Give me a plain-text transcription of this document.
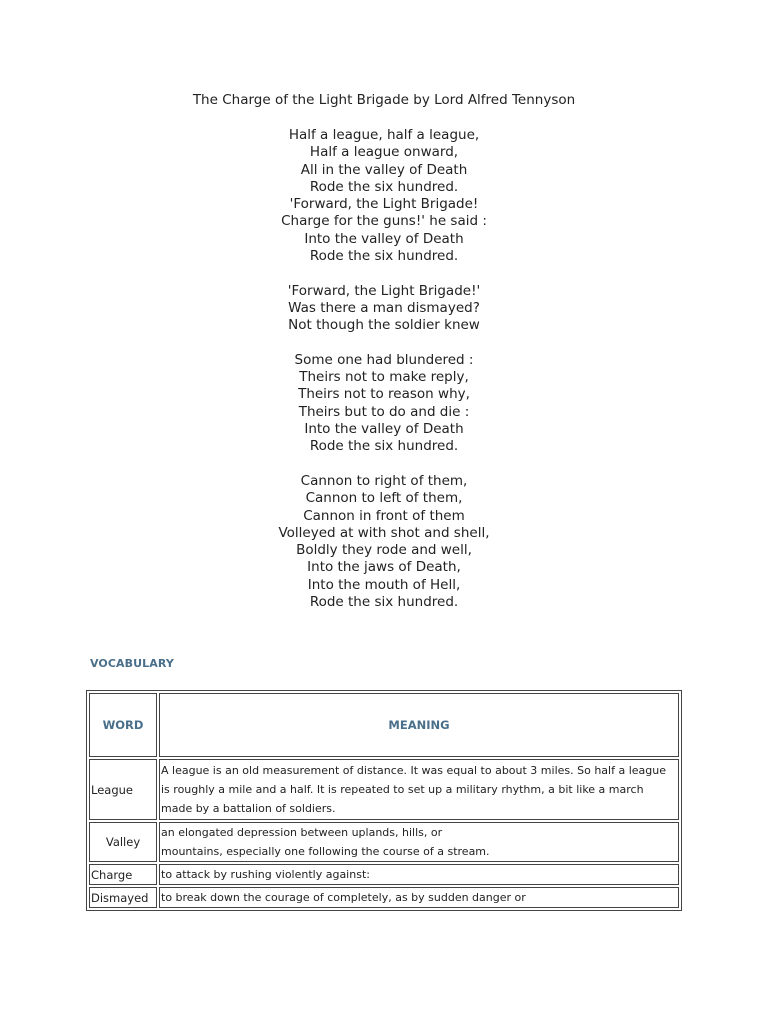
The Charge of the Light Brigade by Lord Alfred Tennyson

Half a league, half a league,
Half a league onward,
All in the valley of Death
Rode the six hundred.
'Forward, the Light Brigade!
Charge for the guns!' he said :
Into the valley of Death
Rode the six hundred.

'Forward, the Light Brigade!'
Was there a man dismayed?
Not though the soldier knew

Some one had blundered :
Theirs not to make reply,
Theirs not to reason why,
Theirs but to do and die :
Into the valley of Death
Rode the six hundred.

Cannon to right of them,
Cannon to left of them,
Cannon in front of them
Volleyed at with shot and shell,
Boldly they rode and well,
Into the jaws of Death,
Into the mouth of Hell,
Rode the six hundred.

VOCABULARY
WORD	MEANING
League	A league is an old measurement of distance. It was equal to about 3 miles. So half a league is roughly a mile and a half. It is repeated to set up a military rhythm, a bit like a march made by a battalion of soldiers.
Valley	an elongated depression between uplands, hills, or mountains, especially one following the course of a stream.

Charge	to attack by rushing violently against:
Dismayed	to break down the courage of completely, as by sudden danger or
